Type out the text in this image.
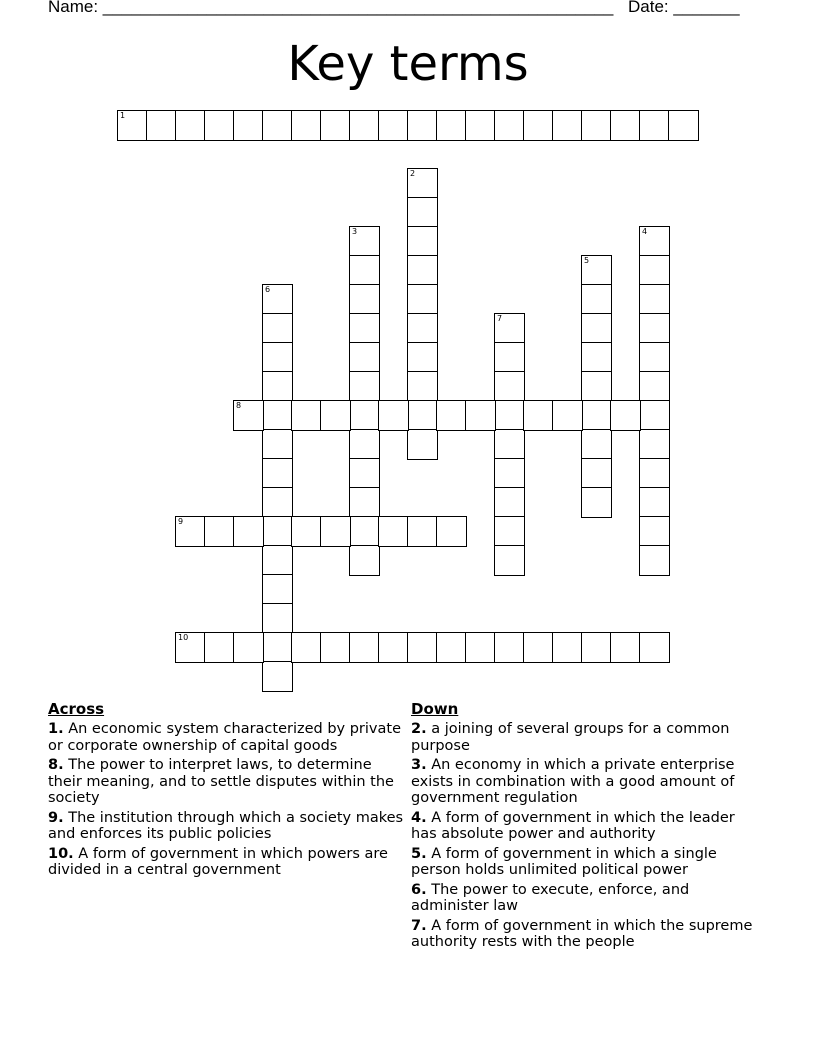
Name: ______________________________________________________ Date: _______
Key terms
1
2
3	4
5
6
7
8
9
10
Across
1. An economic system characterized by private or corporate ownership of capital goods
8. The power to interpret laws, to determine their meaning, and to settle disputes within the society
9. The institution through which a society makes and enforces its public policies
10. A form of government in which powers are divided in a central government
Down
2. a joining of several groups for a common purpose
3. An economy in which a private enterprise exists in combination with a good amount of government regulation
4. A form of government in which the leader has absolute power and authority
5. A form of government in which a single person holds unlimited political power
6. The power to execute, enforce, and administer law
7. A form of government in which the supreme authority rests with the people
